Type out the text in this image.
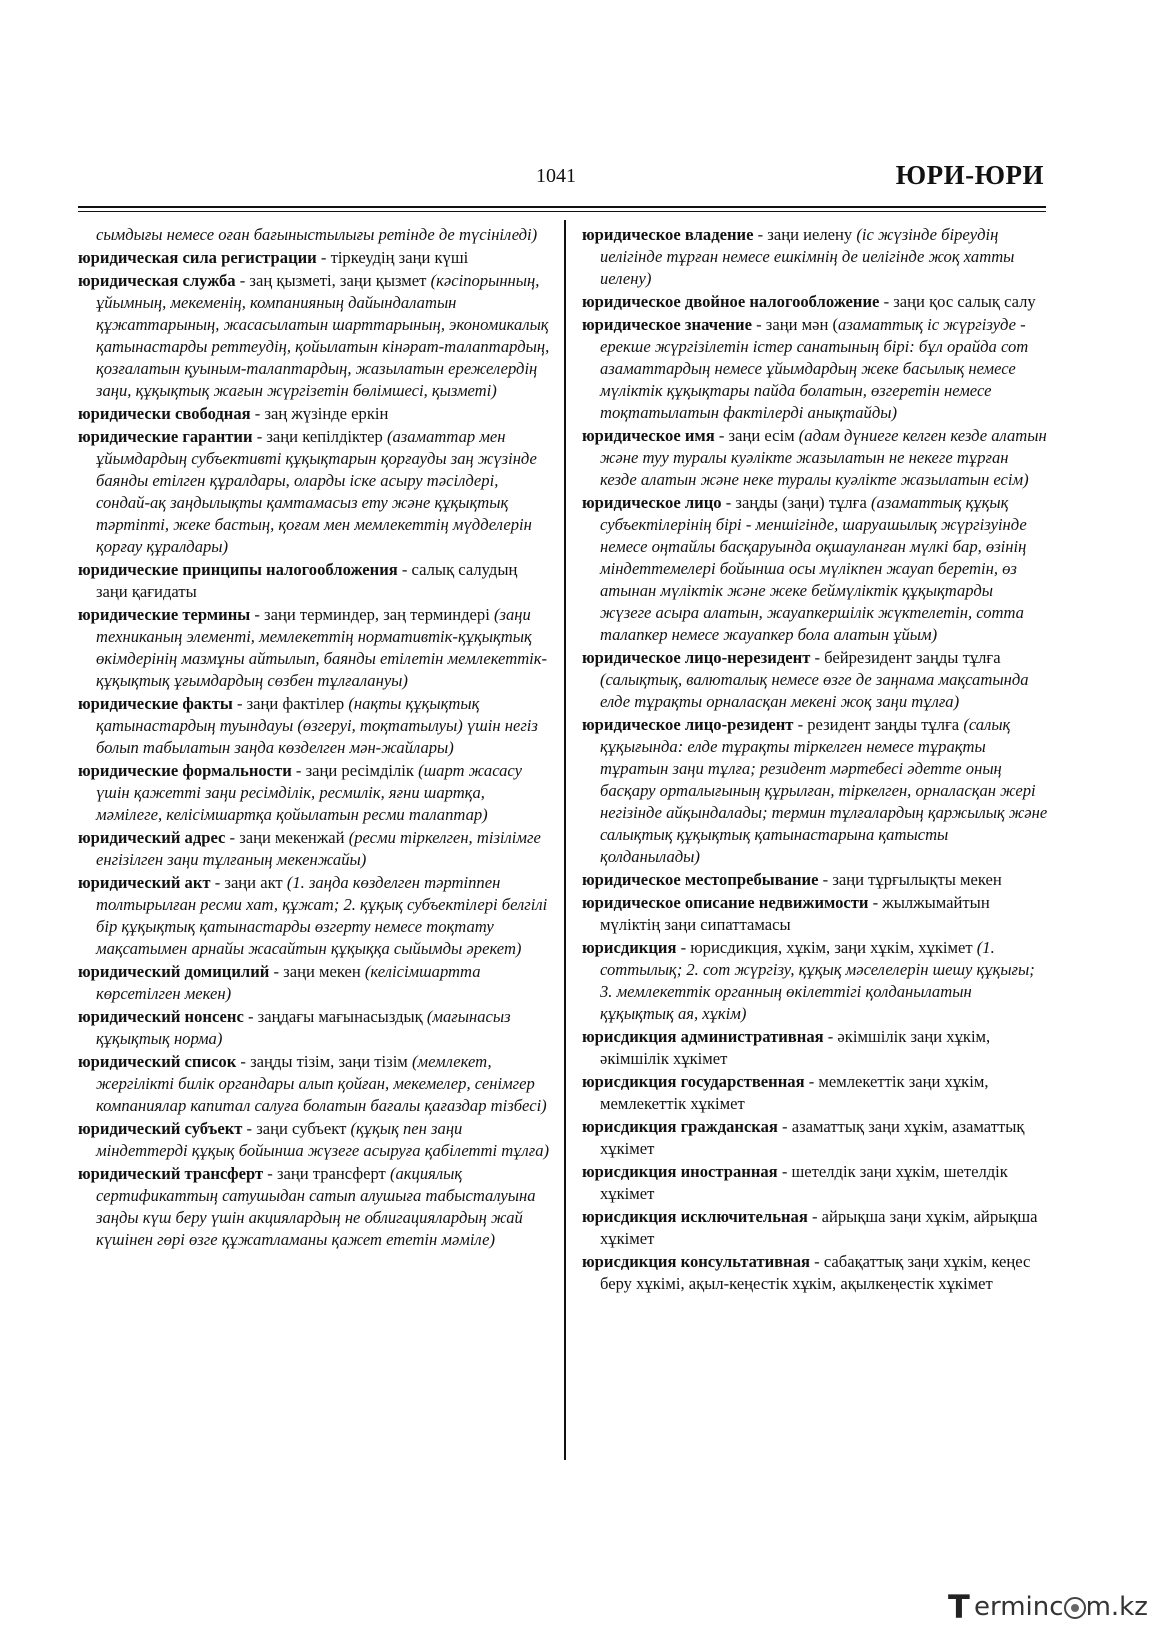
1041	ЮРИ-ЮРИ

сымдығы немесе оған бағыныстылығы ретінде де түсініледі)

юридическая сила регистрации - тіркеудің заңи күші

юридическая служба - заң қызметі, заңи қызмет (кәсіпорынның, ұйымның, мекеменің, компанияның дайындалатын құжаттарының, жасасылатын шарттарының, экономикалық қатынастарды реттеудің, қойылатын кінәрат-талаптардың, қозғалатын қуыным-талаптардың, жазылатын ережелердің заңи, құқықтық жағын жүргізетін бөлімшесі, қызметі)

юридически свободная - заң жүзінде еркін

юридические гарантии - заңи кепілдіктер (азаматтар мен ұйымдардың субъективті құқықтарын қорғауды заң жүзінде баянды етілген құралдары, оларды іске асыру тәсілдері, сондай-ақ заңдылықты қамтамасыз ету және құқықтық тәртіпті, жеке бастың, қоғам мен мемлекеттің мүдделерін қорғау құралдары)

юридические принципы налогообложения - салық салудың заңи қағидаты

юридические термины - заңи терминдер, заң терминдері (заңи техниканың элементі, мемлекеттің нормативтік-құқықтық өкімдерінің мазмұны айтылып, баянды етілетін мемлекеттік-құқықтық ұғымдардың сөзбен тұлғалануы)

юридические факты - заңи фактілер (нақты құқықтық қатынастардың туындауы (өзгеруі, тоқтатылуы) үшін негіз болып табылатын заңда көзделген мән-жайлары)

юридические формальности - заңи ресімділік (шарт жасасу үшін қажетті заңи ресімділік, ресмилік, яғни шартқа, мәмілеге, келісімшартқа қойылатын ресми талаптар)

юридический адрес - заңи мекенжай (ресми тіркелген, тізілімге енгізілген заңи тұлғаның мекенжайы)

юридический акт - заңи акт (1. заңда көзделген тәртіппен толтырылған ресми хат, құжат; 2. құқық субъектілері белгілі бір құқықтық қатынастарды өзгерту немесе тоқтату мақсатымен арнайы жасайтын құқыққа сыйымды әрекет)

юридический домицилий - заңи мекен (келісімшартта көрсетілген мекен)

юридический нонсенс - заңдағы мағынасыздық (мағынасыз құқықтық норма)

юридический список - заңды тізім, заңи тізім (мемлекет, жергілікті билік органдары алып қойған, мекемелер, сенімгер компаниялар капитал салуға болатын бағалы қағаздар тізбесі)

юридический субъект - заңи субъект (құқық пен заңи міндеттерді құқық бойынша жүзеге асыруға қабілетті тұлға)

юридический трансферт - заңи трансферт (акциялық сертификаттың сатушыдан сатып алушыға табысталуына заңды күш беру үшін акциялардың не облигациялардың жай күшінен гөрі өзге құжатламаны қажет ететін мәміле)

юридическое владение - заңи иелену (іс жүзінде біреудің иелігінде тұрған немесе ешкімнің де иелігінде жоқ хатты иелену)

юридическое двойное налогообложение - заңи қос салық салу

юридическое значение - заңи мән (азаматтық іс жүргізуде - ерекше жүргізілетін істер санатының бірі: бұл орайда сот азаматтардың немесе ұйымдардың жеке басылық немесе мүліктік құқықтары пайда болатын, өзгеретін немесе тоқтатылатын фактілерді анықтайды)

юридическое имя - заңи есім (адам дүниеге келген кезде алатын және туу туралы куәлікте жазылатын не некеге тұрған кезде алатын және неке туралы куәлікте жазылатын есім)

юридическое лицо - заңды (заңи) тұлға (азаматтық құқық субъектілерінің бірі - меншігінде, шаруашылық жүргізуінде немесе оңтайлы басқаруында оқшауланған мүлкі бар, өзінің міндеттемелері бойынша осы мүлікпен жауап беретін, өз атынан мүліктік және жеке беймүліктік құқықтарды жүзеге асыра алатын, жауапкершілік жүктелетін, сотта талапкер немесе жауапкер бола алатын ұйым)

юридическое лицо-нерезидент - бейрезидент заңды тұлға (салықтық, валюталық немесе өзге де заңнама мақсатында елде тұрақты орналасқан мекені жоқ заңи тұлға)

юридическое лицо-резидент - резидент заңды тұлға (салық құқығында: елде тұрақты тіркелген немесе тұрақты тұратын заңи тұлға; резидент мәртебесі әдетте оның басқару орталығының құрылған, тіркелген, орналасқан жері негізінде айқындалады; термин тұлғалардың қаржылық және салықтық құқықтық қатынастарына қатысты қолданылады)

юридическое местопребывание - заңи тұрғылықты мекен

юридическое описание недвижимости - жылжымайтын мүліктің заңи сипаттамасы

юрисдикция - юрисдикция, хұкім, заңи хұкім, хұкімет (1. соттылық; 2. сот жүргізу, құқық мәселелерін шешу құқығы; 3. мемлекеттік органның өкілеттігі қолданылатын құқықтық ая, хұкім)

юрисдикция административная - әкімшілік заңи хұкім, әкімшілік хұкімет

юрисдикция государственная - мемлекеттік заңи хұкім, мемлекеттік хұкімет

юрисдикция гражданская - азаматтық заңи хұкім, азаматтық хұкімет

юрисдикция иностранная - шетелдік заңи хұкім, шетелдік хұкімет

юрисдикция исключительная - айрықша заңи хұкім, айрықша хұкімет

юрисдикция консультативная - сабақаттық заңи хұкім, кеңес беру хұкімі, ақыл-кеңестік хұкім, ақылкеңестік хұкімет

T erminc m.kz
